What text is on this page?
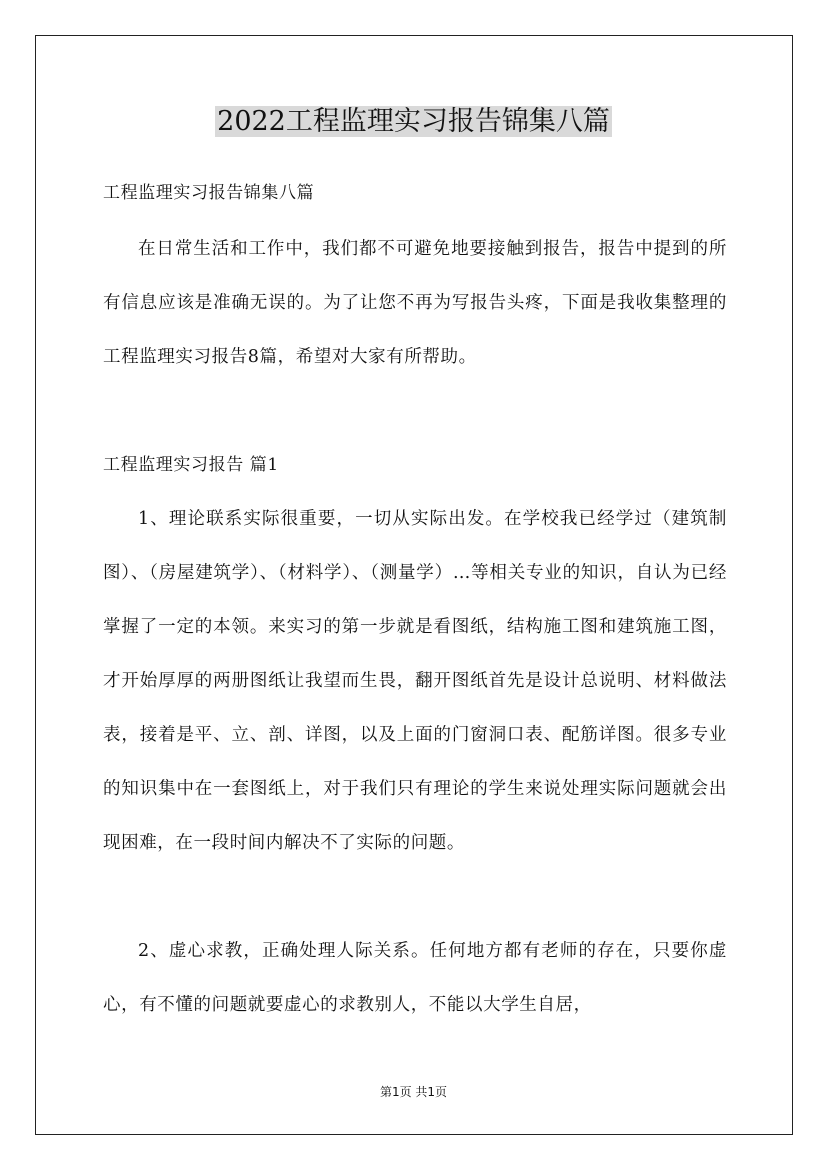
2022工程监理实习报告锦集八篇

工程监理实习报告锦集八篇

在日常生活和工作中，我们都不可避免地要接触到报告，报告中提到的所有信息应该是准确无误的。为了让您不再为写报告头疼，下面是我收集整理的工程监理实习报告8篇，希望对大家有所帮助。

工程监理实习报告 篇1

1、理论联系实际很重要，一切从实际出发。在学校我已经学过（建筑制图）、（房屋建筑学）、（材料学）、（测量学）…等相关专业的知识，自认为已经掌握了一定的本领。来实习的第一步就是看图纸，结构施工图和建筑施工图，才开始厚厚的两册图纸让我望而生畏，翻开图纸首先是设计总说明、材料做法表，接着是平、立、剖、详图，以及上面的门窗洞口表、配筋详图。很多专业的知识集中在一套图纸上，对于我们只有理论的学生来说处理实际问题就会出现困难，在一段时间内解决不了实际的问题。

2、虚心求教，正确处理人际关系。任何地方都有老师的存在，只要你虚心，有不懂的问题就要虚心的求教别人，不能以大学生自居，

第1页 共1页
